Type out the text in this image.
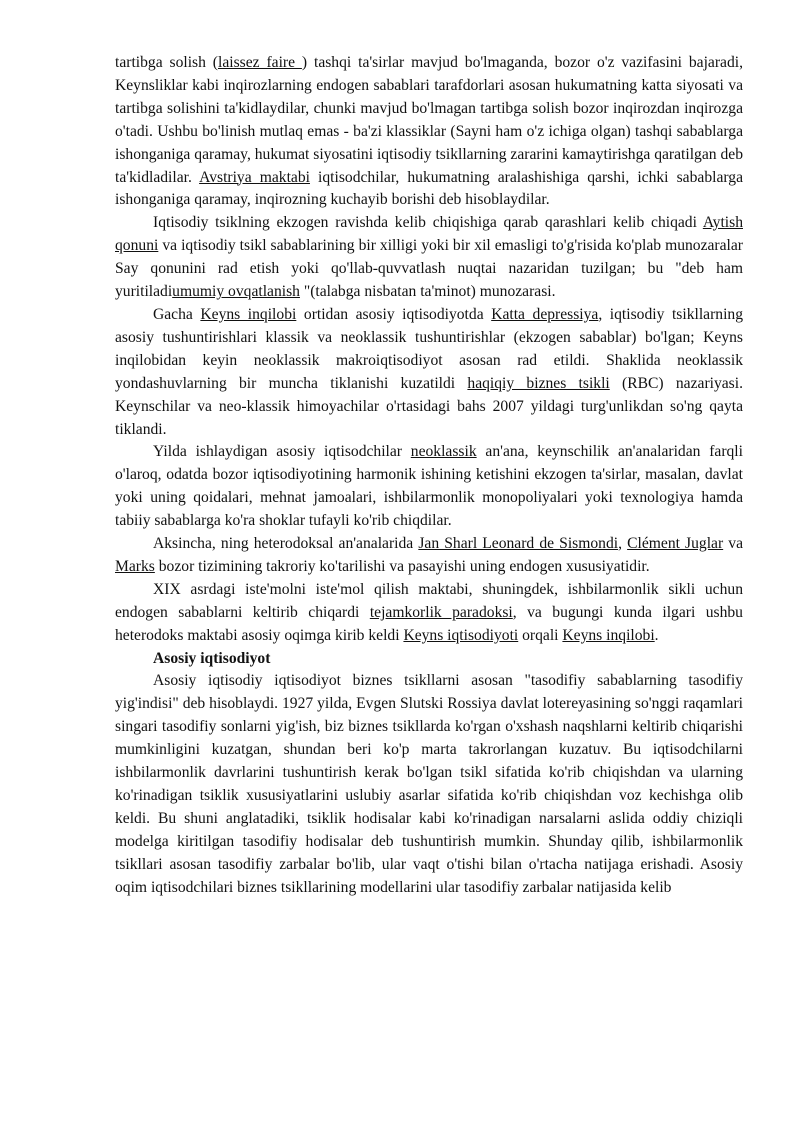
tartibga solish (laissez faire ) tashqi ta'sirlar mavjud bo'lmaganda, bozor o'z vazifasini bajaradi, Keynsliklar kabi inqirozlarning endogen sabablari tarafdorlari asosan hukumatning katta siyosati va tartibga solishini ta'kidlaydilar, chunki mavjud bo'lmagan tartibga solish bozor inqirozdan inqirozga o'tadi. Ushbu bo'linish mutlaq emas - ba'zi klassiklar (Sayni ham o'z ichiga olgan) tashqi sabablarga ishonganiga qaramay, hukumat siyosatini iqtisodiy tsikllarning zararini kamaytirishga qaratilgan deb ta'kidladilar. Avstriya maktabi iqtisodchilar, hukumatning aralashishiga qarshi, ichki sabablarga ishonganiga qaramay, inqirozning kuchayib borishi deb hisoblaydilar.

Iqtisodiy tsiklning ekzogen ravishda kelib chiqishiga qarab qarashlari kelib chiqadi Aytish qonuni va iqtisodiy tsikl sabablarining bir xilligi yoki bir xil emasligi to'g'risida ko'plab munozaralar Say qonunini rad etish yoki qo'llab-quvvatlash nuqtai nazaridan tuzilgan; bu "deb ham yuritiladiumumiy ovqatlanish "(talabga nisbatan ta'minot) munozarasi.

Gacha Keyns inqilobi ortidan asosiy iqtisodiyotda Katta depressiya, iqtisodiy tsikllarning asosiy tushuntirishlari klassik va neoklassik tushuntirishlar (ekzogen sabablar) bo'lgan; Keyns inqilobidan keyin neoklassik makroiqtisodiyot asosan rad etildi. Shaklida neoklassik yondashuvlarning bir muncha tiklanishi kuzatildi haqiqiy biznes tsikli (RBC) nazariyasi. Keynschilar va neo-klassik himoyachilar o'rtasidagi bahs 2007 yildagi turg'unlikdan so'ng qayta tiklandi.

Yilda ishlaydigan asosiy iqtisodchilar neoklassik an'ana, keynschilik an'analaridan farqli o'laroq, odatda bozor iqtisodiyotining harmonik ishining ketishini ekzogen ta'sirlar, masalan, davlat yoki uning qoidalari, mehnat jamoalari, ishbilarmonlik monopoliyalari yoki texnologiya hamda tabiiy sabablarga ko'ra shoklar tufayli ko'rib chiqdilar.

Aksincha, ning heterodoksal an'analarida Jan Sharl Leonard de Sismondi, Clément Juglar va Marks bozor tizimining takroriy ko'tarilishi va pasayishi uning endogen xususiyatidir.

XIX asrdagi iste'molni iste'mol qilish maktabi, shuningdek, ishbilarmonlik sikli uchun endogen sabablarni keltirib chiqardi tejamkorlik paradoksi, va bugungi kunda ilgari ushbu heterodoks maktabi asosiy oqimga kirib keldi Keyns iqtisodiyoti orqali Keyns inqilobi.

Asosiy iqtisodiyot

Asosiy iqtisodiy iqtisodiyot biznes tsikllarni asosan "tasodifiy sabablarning tasodifiy yig'indisi" deb hisoblaydi. 1927 yilda, Evgen Slutski Rossiya davlat lotereyasining so'nggi raqamlari singari tasodifiy sonlarni yig'ish, biz biznes tsikllarda ko'rgan o'xshash naqshlarni keltirib chiqarishi mumkinligini kuzatgan, shundan beri ko'p marta takrorlangan kuzatuv. Bu iqtisodchilarni ishbilarmonlik davrlarini tushuntirish kerak bo'lgan tsikl sifatida ko'rib chiqishdan va ularning ko'rinadigan tsiklik xususiyatlarini uslubiy asarlar sifatida ko'rib chiqishdan voz kechishga olib keldi. Bu shuni anglatadiki, tsiklik hodisalar kabi ko'rinadigan narsalarni aslida oddiy chiziqli modelga kiritilgan tasodifiy hodisalar deb tushuntirish mumkin. Shunday qilib, ishbilarmonlik tsikllari asosan tasodifiy zarbalar bo'lib, ular vaqt o'tishi bilan o'rtacha natijaga erishadi. Asosiy oqim iqtisodchilari biznes tsikllarining modellarini ular tasodifiy zarbalar natijasida kelib
